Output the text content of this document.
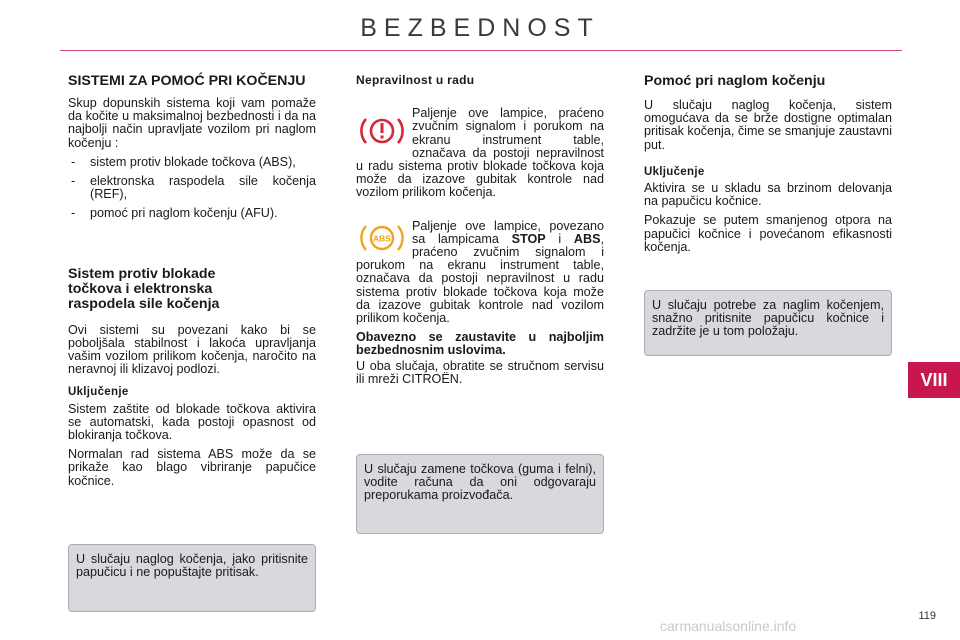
BEZBEDNOST
SISTEMI ZA POMOĆ PRI KOČENJU

Skup dopunskih sistema koji vam pomaže da kočite u maksimalnoj bezbednosti i da na najbolji način upravljate vozilom pri naglom kočenju :

- sistem protiv blokade točkova (ABS),
- elektronska raspodela sile kočenja (REF),
- pomoć pri naglom kočenju (AFU).
Sistem protiv blokade točkova i elektronska raspodela sile kočenja

Ovi sistemi su povezani kako bi se poboljšala stabilnost i lakoća upravljanja vašim vozilom prilikom kočenja, naročito na neravnoj ili klizavoj podlozi.

Uključenje

Sistem zaštite od blokade točkova aktivira se automatski, kada postoji opasnost od blokiranja točkova.

Normalan rad sistema ABS može da se prikaže kao blago vibriranje papučice kočnice.

U slučaju naglog kočenja, jako pritisnite papučicu i ne popuštajte pritisak.
Nepravilnost u radu

Paljenje ove lampice, praćeno zvučnim signalom i porukom na ekranu instrument table, označava da postoji nepravilnost u radu sistema protiv blokade točkova koja može da izazove gubitak kontrole nad vozilom prilikom kočenja.

ABS

Paljenje ove lampice, povezano sa lampicama STOP i ABS, praćeno zvučnim signalom i porukom na ekranu instrument table, označava da postoji nepravilnost u radu sistema protiv blokade točkova koja može da izazove gubitak kontrole nad vozilom prilikom kočenja.

Obavezno se zaustavite u najbolјim bezbednosnim uslovima.

U oba slučaja, obratite se stručnom servisu ili mreži CITROËN.

U slučaju zamene točkova (guma i felni), vodite računa da oni odgovaraju preporukama proizvođača.
Pomoć pri naglom kočenju

U slučaju naglog kočenja, sistem omogućava da se brže dostigne optimalan pritisak kočenja, čime se smanjuje zaustavni put.

Uključenje

Aktivira se u skladu sa brzinom delovanja na papučicu kočnice.

Pokazuje se putem smanjenog otpora na papučici kočnice i povećanom efikasnosti kočenja.

U slučaju potrebe za naglim kočenjem, snažno pritisnite papučicu kočnice i zadržite je u tom položaju.
VIII
119
carmanualsonline.info
